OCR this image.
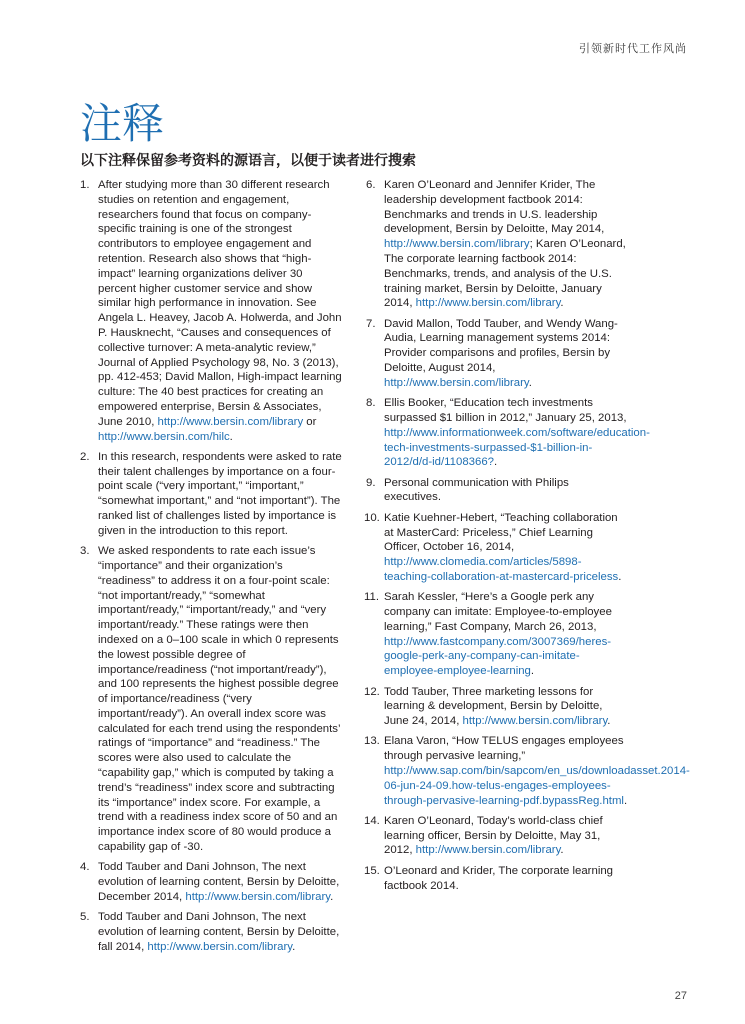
引领新时代工作风尚
注释
以下注释保留参考资料的源语言，以便于读者进行搜索
1. After studying more than 30 different research studies on retention and engagement, researchers found that focus on company-specific training is one of the strongest contributors to employee engagement and retention. Research also shows that “high-impact” learning organizations deliver 30 percent higher customer service and show similar high performance in innovation. See Angela L. Heavey, Jacob A. Holwerda, and John P. Hausknecht, “Causes and consequences of collective turnover: A meta-analytic review,” Journal of Applied Psychology 98, No. 3 (2013), pp. 412-453; David Mallon, High-impact learning culture: The 40 best practices for creating an empowered enterprise, Bersin & Associates, June 2010, http://www.bersin.com/library or http://www.bersin.com/hilc.
2. In this research, respondents were asked to rate their talent challenges by importance on a four-point scale (“very important,” “important,” “somewhat important,” and “not important”). The ranked list of challenges listed by importance is given in the introduction to this report.
3. We asked respondents to rate each issue’s “importance” and their organization’s “readiness” to address it on a four-point scale: “not important/ready,” “somewhat important/ready,” “important/ready,” and “very important/ready.” These ratings were then indexed on a 0–100 scale in which 0 represents the lowest possible degree of importance/readiness (“not important/ready”), and 100 represents the highest possible degree of importance/readiness (“very important/ready”). An overall index score was calculated for each trend using the respondents’ ratings of “importance” and “readiness.” The scores were also used to calculate the “capability gap,” which is computed by taking a trend’s “readiness” index score and subtracting its “importance” index score. For example, a trend with a readiness index score of 50 and an importance index score of 80 would produce a capability gap of -30.
4. Todd Tauber and Dani Johnson, The next evolution of learning content, Bersin by Deloitte, December 2014, http://www.bersin.com/library.
5. Todd Tauber and Dani Johnson, The next evolution of learning content, Bersin by Deloitte, fall 2014, http://www.bersin.com/library.
6. Karen O’Leonard and Jennifer Krider, The leadership development factbook 2014: Benchmarks and trends in U.S. leadership development, Bersin by Deloitte, May 2014, http://www.bersin.com/library; Karen O’Leonard, The corporate learning factbook 2014: Benchmarks, trends, and analysis of the U.S. training market, Bersin by Deloitte, January 2014, http://www.bersin.com/library.
7. David Mallon, Todd Tauber, and Wendy Wang-Audia, Learning management systems 2014: Provider comparisons and profiles, Bersin by Deloitte, August 2014, http://www.bersin.com/library.
8. Ellis Booker, “Education tech investments surpassed $1 billion in 2012,” January 25, 2013, http://www.informationweek.com/software/education-tech-investments-surpassed-$1-billion-in-2012/d/d-id/1108366?.
9. Personal communication with Philips executives.
10. Katie Kuehner-Hebert, “Teaching collaboration at MasterCard: Priceless,” Chief Learning Officer, October 16, 2014, http://www.clomedia.com/articles/5898-teaching-collaboration-at-mastercard-priceless.
11. Sarah Kessler, “Here’s a Google perk any company can imitate: Employee-to-employee learning,” Fast Company, March 26, 2013, http://www.fastcompany.com/3007369/heres-google-perk-any-company-can-imitate-employee-employee-learning.
12. Todd Tauber, Three marketing lessons for learning & development, Bersin by Deloitte, June 24, 2014, http://www.bersin.com/library.
13. Elana Varon, “How TELUS engages employees through pervasive learning,” http://www.sap.com/bin/sapcom/en_us/downloadasset.2014-06-jun-24-09.how-telus-engages-employees-through-pervasive-learning-pdf.bypassReg.html.
14. Karen O’Leonard, Today’s world-class chief learning officer, Bersin by Deloitte, May 31, 2012, http://www.bersin.com/library.
15. O’Leonard and Krider, The corporate learning factbook 2014.
27
